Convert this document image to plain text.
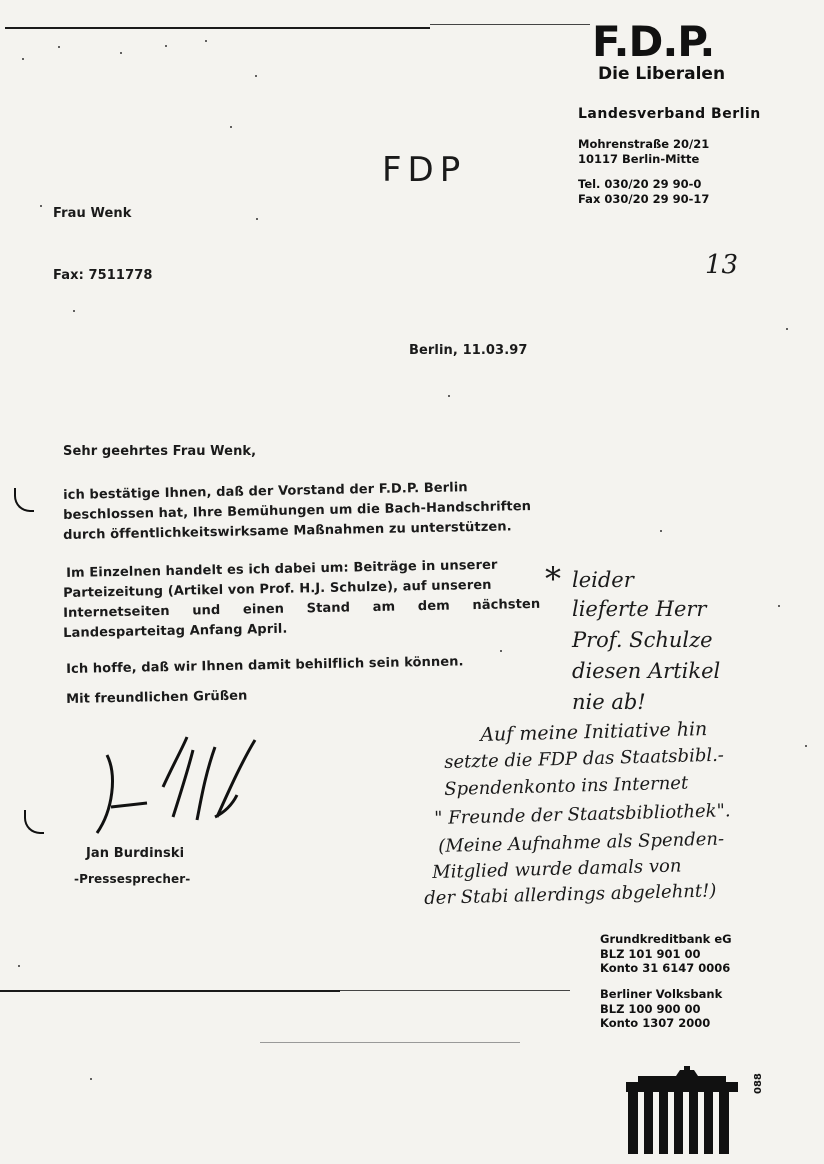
F.D.P.
Die Liberalen
Landesverband Berlin
Mohrenstraße 20/21
10117 Berlin-Mitte
Tel. 030/20 29 90-0
Fax 030/20 29 90-17
FDP
13
Frau Wenk
Fax: 7511778
Berlin, 11.03.97
Sehr geehrtes Frau Wenk,
ich bestätige Ihnen, daß der Vorstand der F.D.P. Berlin
beschlossen hat, Ihre Bemühungen um die Bach-Handschriften
durch öffentlichkeitswirksame Maßnahmen zu unterstützen.
Im Einzelnen handelt es ich dabei um: Beiträge in unserer
Parteizeitung (Artikel von Prof. H.J. Schulze), auf unseren
Internetseiten und einen Stand am dem nächsten
Landesparteitag Anfang April.
Ich hoffe, daß wir Ihnen damit behilflich sein können.
Mit freundlichen Grüßen
Jan Burdinski
-Pressesprecher-
* leider
lieferte Herr
Prof. Schulze
diesen Artikel
nie ab!
Auf meine Initiative hin
setzte die FDP das Staatsbibl.-
Spendenkonto ins Internet
" Freunde der Staatsbibliothek".
(Meine Aufnahme als Spenden-
Mitglied wurde damals von
der Stabi allerdings abgelehnt!)
Grundkreditbank eG
BLZ 101 901 00
Konto 31 6147 0006
Berliner Volksbank
BLZ 100 900 00
Konto 1307 2000
088
